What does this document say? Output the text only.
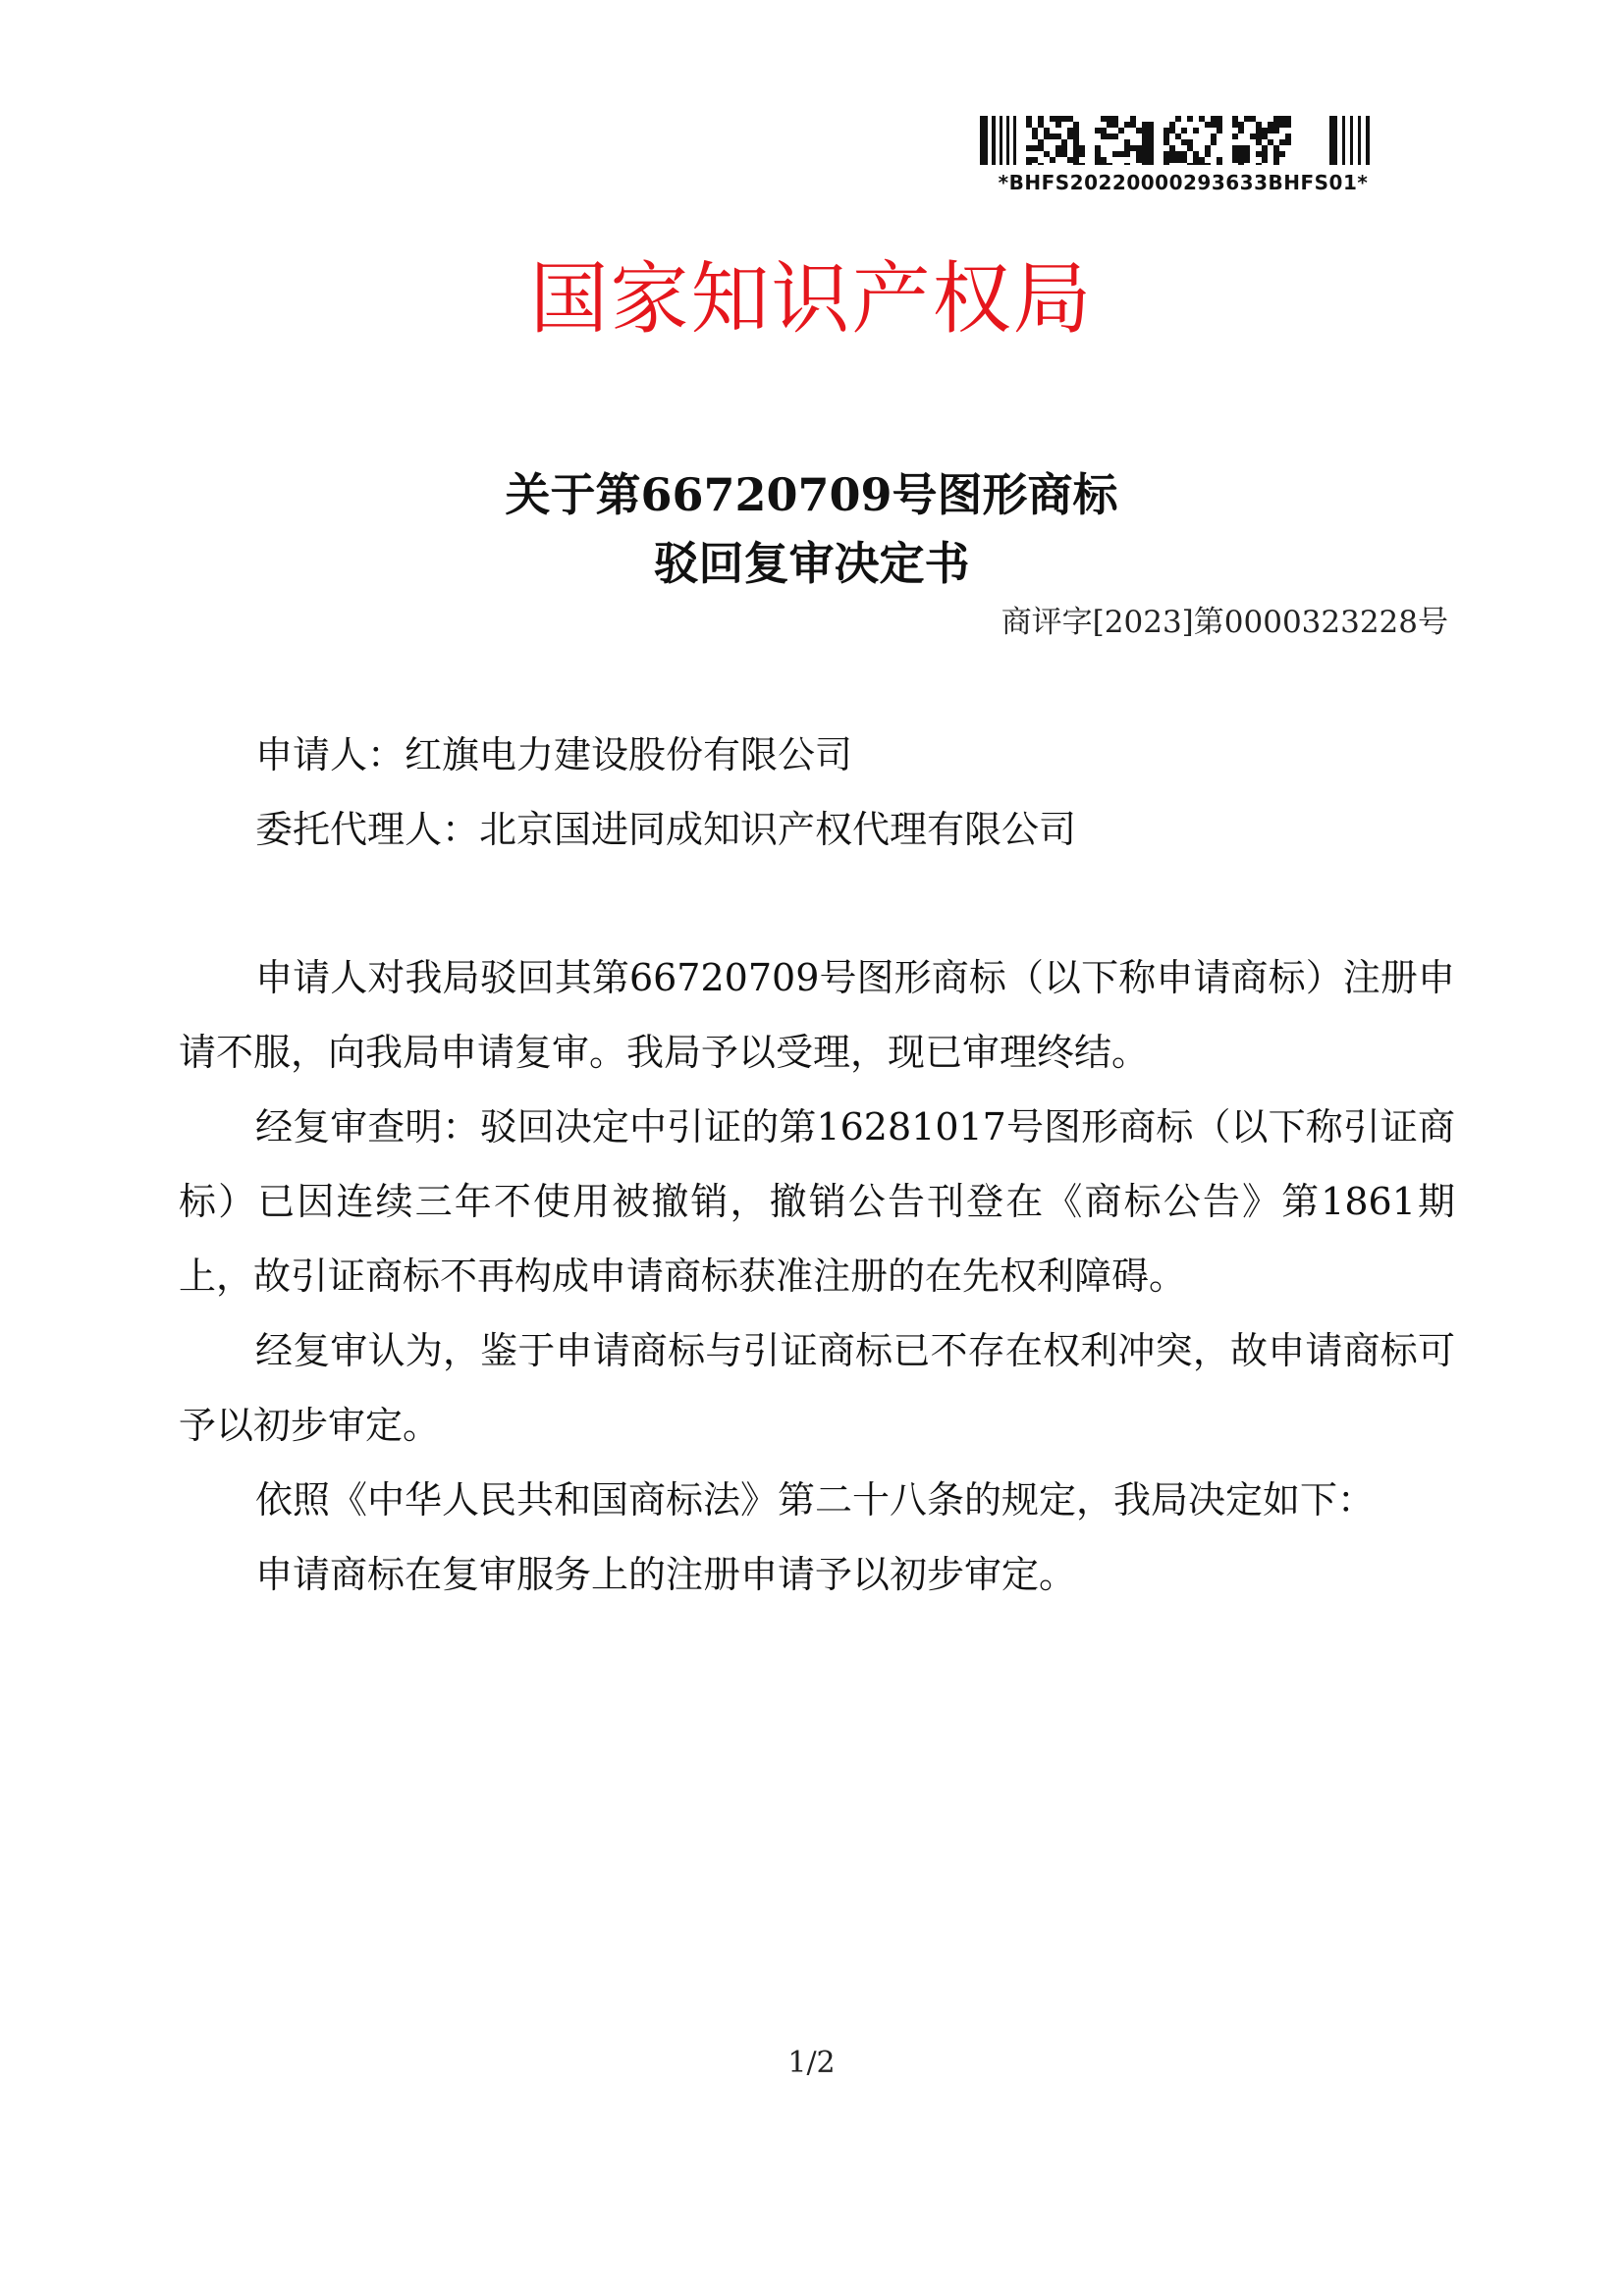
*BHFS20220000293633BHFS01*
国家知识产权局
关于第66720709号图形商标
驳回复审决定书
商评字[2023]第0000323228号
申请人：红旗电力建设股份有限公司
委托代理人：北京国进同成知识产权代理有限公司

申请人对我局驳回其第66720709号图形商标（以下称申请商标）注册申请不服，向我局申请复审。我局予以受理，现已审理终结。

经复审查明：驳回决定中引证的第16281017号图形商标（以下称引证商标）已因连续三年不使用被撤销，撤销公告刊登在《商标公告》第1861期上，故引证商标不再构成申请商标获准注册的在先权利障碍。

经复审认为，鉴于申请商标与引证商标已不存在权利冲突，故申请商标可予以初步审定。

依照《中华人民共和国商标法》第二十八条的规定，我局决定如下：

申请商标在复审服务上的注册申请予以初步审定。

1/2
